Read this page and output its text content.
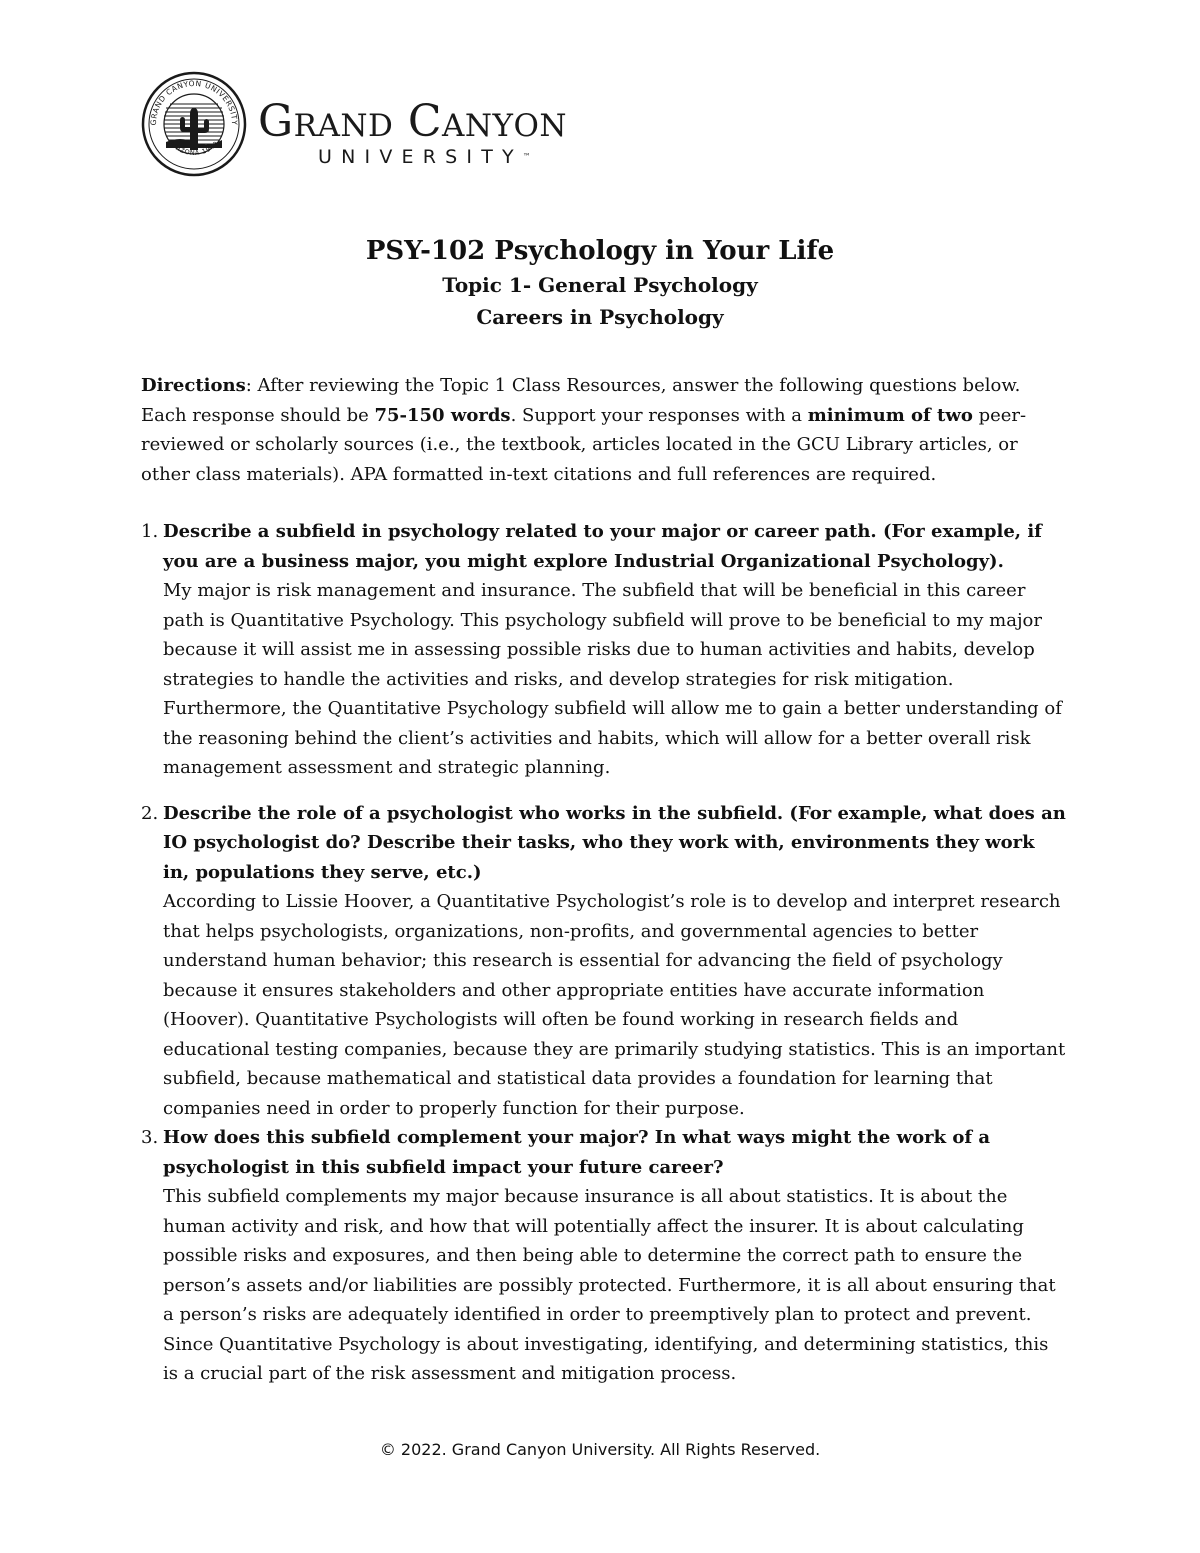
GRAND CANYON UNIVERSITY
ARIZONA 1949 Grand Canyon
UNIVERSITY™

PSY-102 Psychology in Your Life

Topic 1- General Psychology

Careers in Psychology

Directions: After reviewing the Topic 1 Class Resources, answer the following questions below. Each response should be 75-150 words. Support your responses with a minimum of two peer-reviewed or scholarly sources (i.e., the textbook, articles located in the GCU Library articles, or other class materials). APA formatted in-text citations and full references are required.

1. Describe a subfield in psychology related to your major or career path. (For example, if you are a business major, you might explore Industrial Organizational Psychology).
My major is risk management and insurance. The subfield that will be beneficial in this career path is Quantitative Psychology. This psychology subfield will prove to be beneficial to my major because it will assist me in assessing possible risks due to human activities and habits, develop strategies to handle the activities and risks, and develop strategies for risk mitigation. Furthermore, the Quantitative Psychology subfield will allow me to gain a better understanding of the reasoning behind the client’s activities and habits, which will allow for a better overall risk management assessment and strategic planning.
2. Describe the role of a psychologist who works in the subfield. (For example, what does an IO psychologist do? Describe their tasks, who they work with, environments they work in, populations they serve, etc.)
According to Lissie Hoover, a Quantitative Psychologist’s role is to develop and interpret research that helps psychologists, organizations, non-profits, and governmental agencies to better understand human behavior; this research is essential for advancing the field of psychology because it ensures stakeholders and other appropriate entities have accurate information (Hoover). Quantitative Psychologists will often be found working in research fields and educational testing companies, because they are primarily studying statistics. This is an important subfield, because mathematical and statistical data provides a foundation for learning that companies need in order to properly function for their purpose.
3. How does this subfield complement your major? In what ways might the work of a psychologist in this subfield impact your future career?
This subfield complements my major because insurance is all about statistics. It is about the human activity and risk, and how that will potentially affect the insurer. It is about calculating possible risks and exposures, and then being able to determine the correct path to ensure the person’s assets and/or liabilities are possibly protected. Furthermore, it is all about ensuring that a person’s risks are adequately identified in order to preemptively plan to protect and prevent. Since Quantitative Psychology is about investigating, identifying, and determining statistics, this is a crucial part of the risk assessment and mitigation process.
© 2022. Grand Canyon University. All Rights Reserved.
